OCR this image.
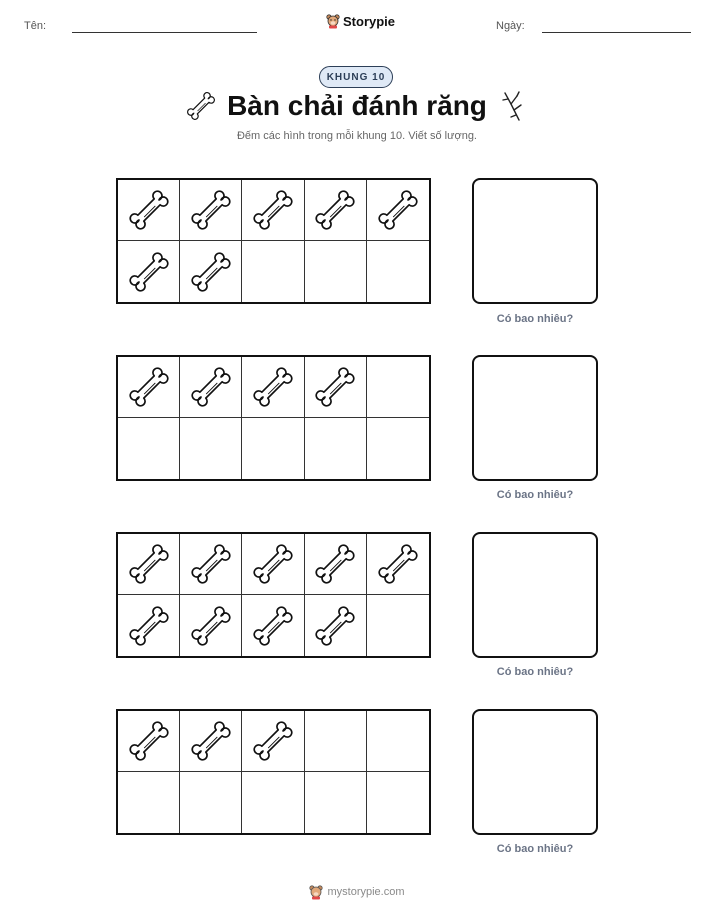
Tên:	Storypie	Ngày:
KHUNG 10
Bàn chải đánh răng
Đếm các hình trong mỗi khung 10. Viết số lượng.
Có bao nhiêu?
Có bao nhiêu?
Có bao nhiêu?
Có bao nhiêu?
mystorypie.com
